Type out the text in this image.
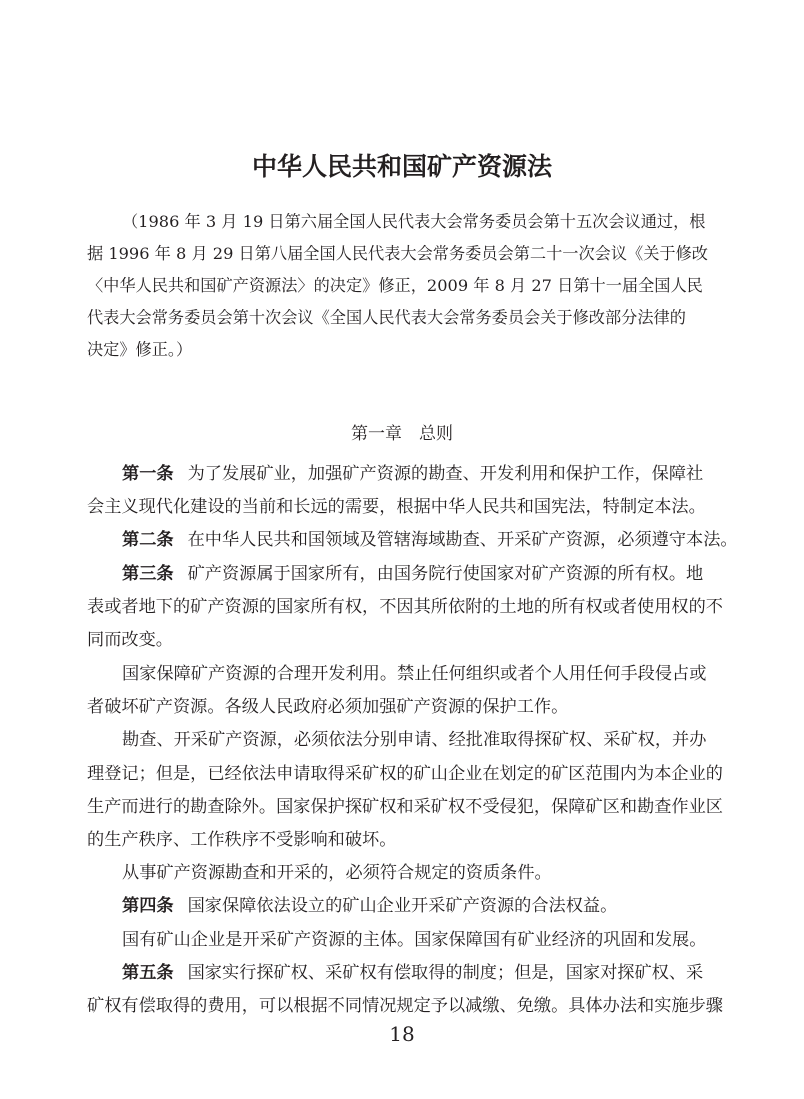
中华人民共和国矿产资源法
（1986 年 3 月 19 日第六届全国人民代表大会常务委员会第十五次会议通过，根
据 1996 年 8 月 29 日第八届全国人民代表大会常务委员会第二十一次会议《关于修改
〈中华人民共和国矿产资源法〉的决定》修正，2009 年 8 月 27 日第十一届全国人民
代表大会常务委员会第十次会议《全国人民代表大会常务委员会关于修改部分法律的
决定》修正。）
第一章　总则
第一条 为了发展矿业，加强矿产资源的勘查、开发利用和保护工作，保障社
会主义现代化建设的当前和长远的需要，根据中华人民共和国宪法，特制定本法。
第二条 在中华人民共和国领域及管辖海域勘查、开采矿产资源，必须遵守本法。
第三条 矿产资源属于国家所有，由国务院行使国家对矿产资源的所有权。地
表或者地下的矿产资源的国家所有权，不因其所依附的土地的所有权或者使用权的不
同而改变。
国家保障矿产资源的合理开发利用。禁止任何组织或者个人用任何手段侵占或
者破坏矿产资源。各级人民政府必须加强矿产资源的保护工作。
勘查、开采矿产资源，必须依法分别申请、经批准取得探矿权、采矿权，并办
理登记；但是，已经依法申请取得采矿权的矿山企业在划定的矿区范围内为本企业的
生产而进行的勘查除外。国家保护探矿权和采矿权不受侵犯，保障矿区和勘查作业区
的生产秩序、工作秩序不受影响和破坏。
从事矿产资源勘查和开采的，必须符合规定的资质条件。
第四条 国家保障依法设立的矿山企业开采矿产资源的合法权益。
国有矿山企业是开采矿产资源的主体。国家保障国有矿业经济的巩固和发展。
第五条 国家实行探矿权、采矿权有偿取得的制度；但是，国家对探矿权、采
矿权有偿取得的费用，可以根据不同情况规定予以减缴、免缴。具体办法和实施步骤
18
